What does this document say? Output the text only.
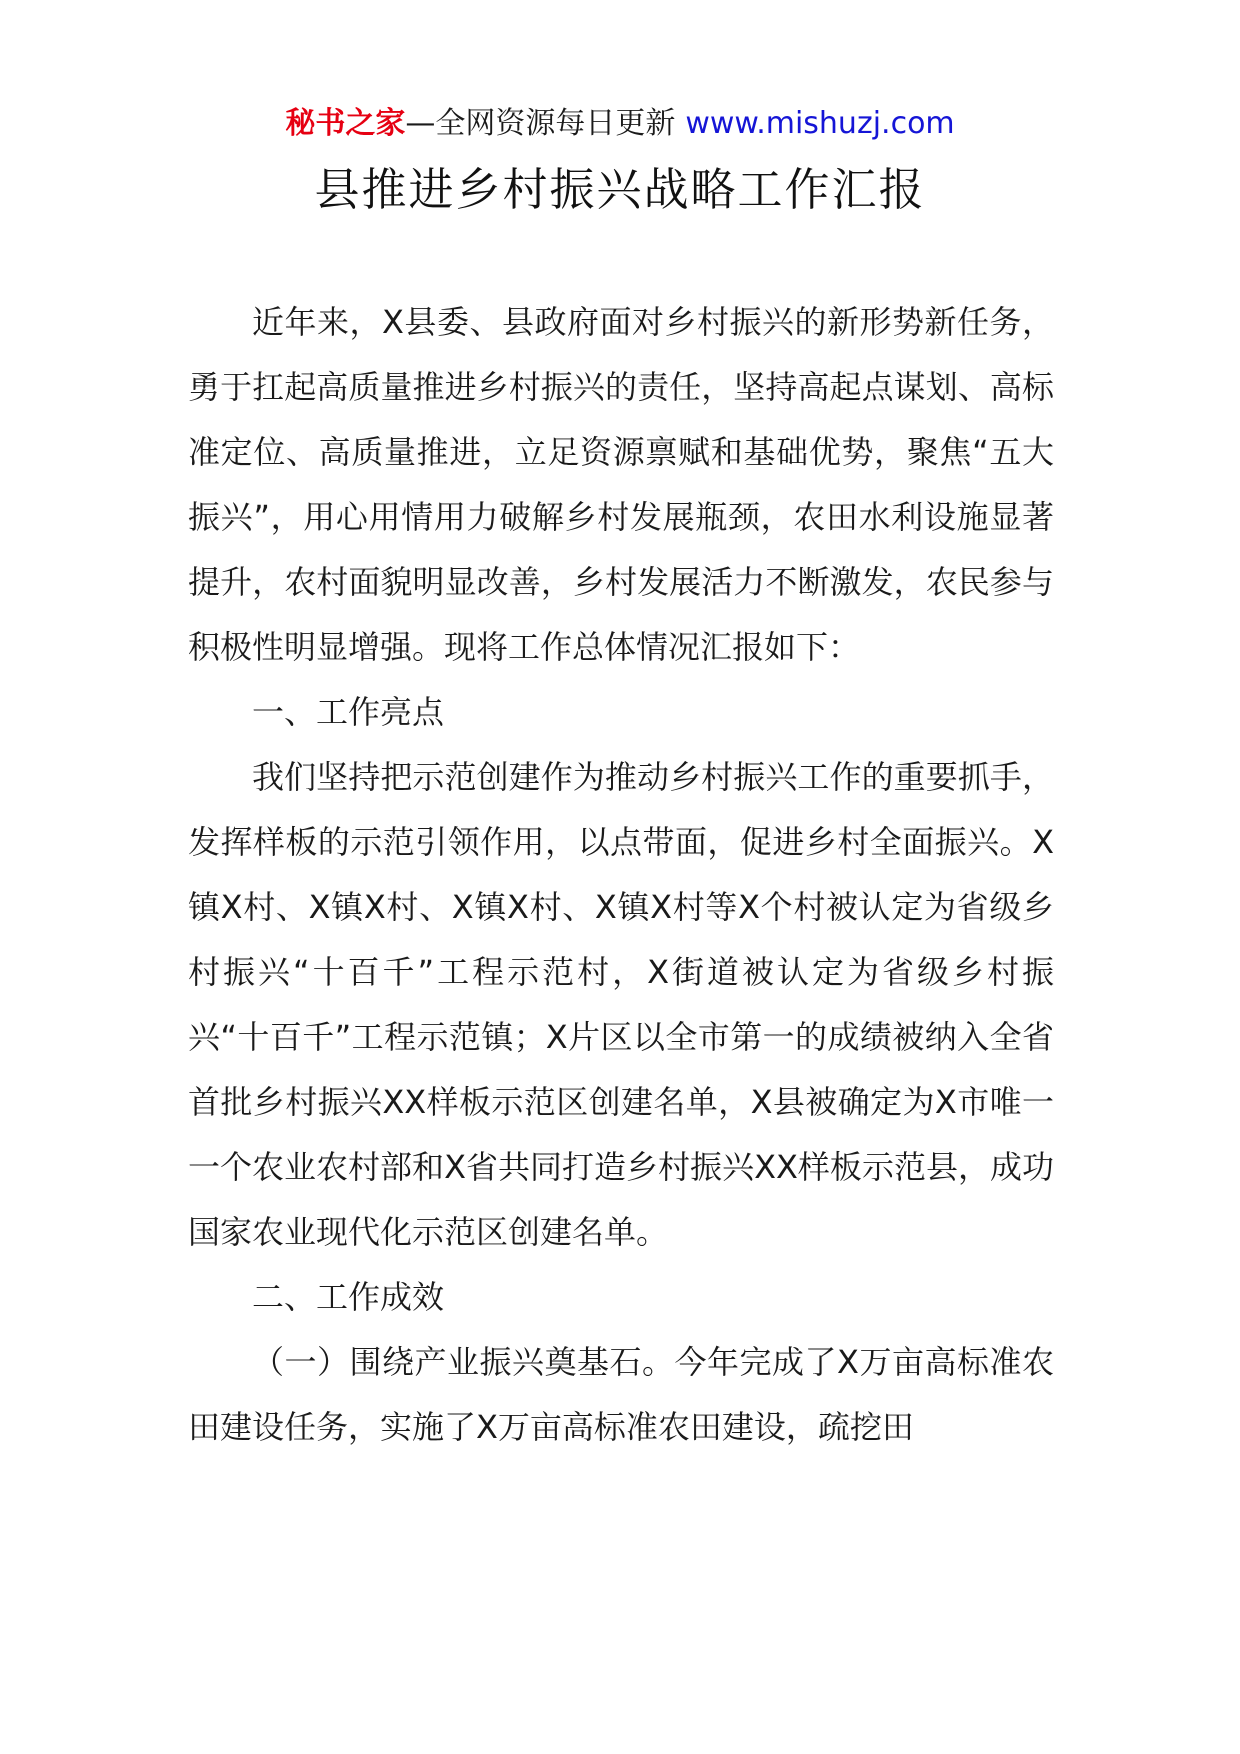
秘书之家—全网资源每日更新 www.mishuzj.com
县推进乡村振兴战略工作汇报

近年来，X县委、县政府面对乡村振兴的新形势新任务，勇于扛起高质量推进乡村振兴的责任，坚持高起点谋划、高标准定位、高质量推进，立足资源禀赋和基础优势，聚焦“五大振兴”，用心用情用力破解乡村发展瓶颈，农田水利设施显著提升，农村面貌明显改善，乡村发展活力不断激发，农民参与积极性明显增强。现将工作总体情况汇报如下：

一、工作亮点

我们坚持把示范创建作为推动乡村振兴工作的重要抓手，发挥样板的示范引领作用，以点带面，促进乡村全面振兴。X镇X村、X镇X村、X镇X村、X镇X村等X个村被认定为省级乡村振兴“十百千”工程示范村，X街道被认定为省级乡村振兴“十百千”工程示范镇；X片区以全市第一的成绩被纳入全省首批乡村振兴XX样板示范区创建名单，X县被确定为X市唯一一个农业农村部和X省共同打造乡村振兴XX样板示范县，成功国家农业现代化示范区创建名单。

二、工作成效

（一）围绕产业振兴奠基石。今年完成了X万亩高标准农田建设任务，实施了X万亩高标准农田建设，疏挖田
